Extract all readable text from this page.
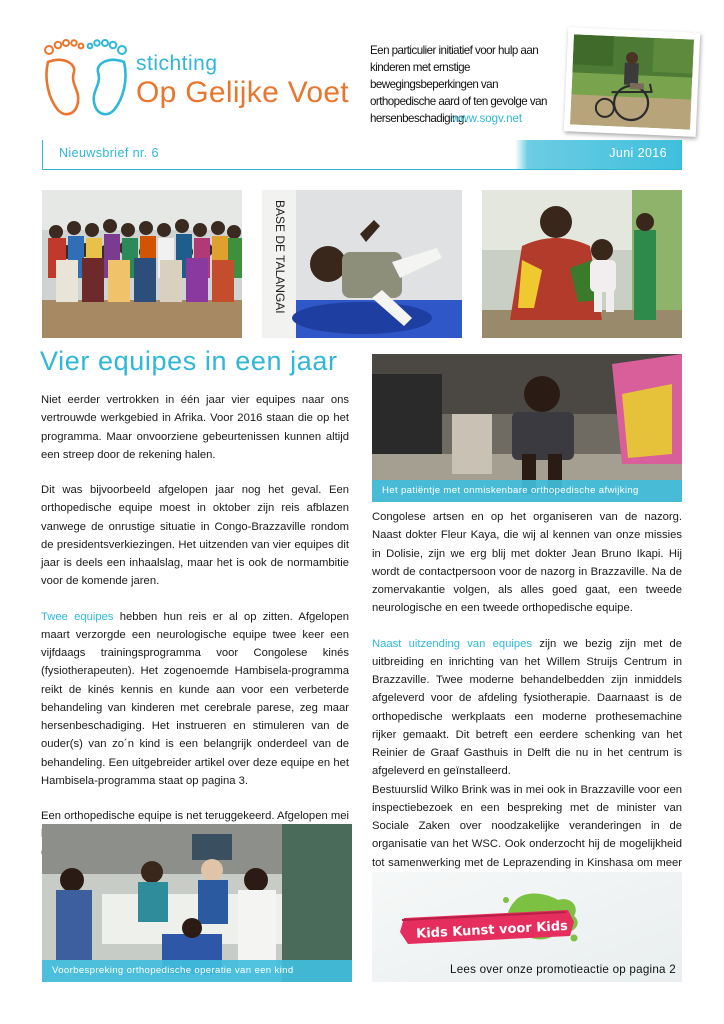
stichting
Op Gelijke Voet
Een particulier initiatief voor hulp aan kinderen met ernstige bewegingsbeperkingen van orthopedische aard of ten gevolge van hersenbeschadiging.
www.sogv.net
Nieuwsbrief nr. 6	Juni 2016
BASE DE TALANGAI
Vier equipes in een jaar

Niet eerder vertrokken in één jaar vier equipes naar ons vertrouwde werkgebied in Afrika. Voor 2016 staan die op het programma. Maar onvoorziene gebeurtenissen kunnen altijd een streep door de rekening halen.

Dit was bijvoorbeeld afgelopen jaar nog het geval. Een orthopedische equipe moest in oktober zijn reis afblazen vanwege de onrustige situatie in Congo-Brazzaville rondom de presidentsverkiezingen. Het uitzenden van vier equipes dit jaar is deels een inhaalslag, maar het is ook de normambitie voor de komende jaren.

Twee equipes hebben hun reis er al op zitten. Afgelopen maart verzorgde een neurologische equipe twee keer een vijfdaags trainingsprogramma voor Congolese kinés (fysiotherapeuten). Het zogenoemde Hambisela-programma reikt de kinés kennis en kunde aan voor een verbeterde behandeling van kinderen met cerebrale parese, zeg maar hersenbeschadiging. Het instrueren en stimuleren van de ouder(s) van zo´n kind is een belangrijk onderdeel van de behandeling. Een uitgebreider artikel over deze equipe en het Hambisela-programma staat op pagina 3.

Een orthopedische equipe is net teruggekeerd. Afgelopen mei

Het patiëntje met onmiskenbare orthopedische afwijking

Congolese artsen en op het organiseren van de nazorg. Naast dokter Fleur Kaya, die wij al kennen van onze missies in Dolisie, zijn we erg blij met dokter Jean Bruno Ikapi. Hij wordt de contactpersoon voor de nazorg in Brazzaville. Na de zomervakantie volgen, als alles goed gaat, een tweede neurologische en een tweede orthopedische equipe.

Naast uitzending van equipes zijn we bezig zijn met de uitbreiding en inrichting van het Willem Struijs Centrum in Brazzaville. Twee moderne behandelbedden zijn inmiddels afgeleverd voor de afdeling fysiotherapie. Daarnaast is de orthopedische werkplaats een moderne prothesemachine rijker gemaakt. Dit betreft een eerdere schenking van het Reinier de Graaf Gasthuis in Delft die nu in het centrum is afgeleverd en geïnstalleerd.

Bestuurslid Wilko Brink was in mei ook in Brazzaville voor een inspectiebezoek en een bespreking met de minister van Sociale Zaken over noodzakelijke veranderingen in de organisatie van het WSC. Ook onderzocht hij de mogelijkheid tot samenwerking met de Leprazending in Kinshasa om meer

Voorbespreking orthopedische operatie van een kind
Kids Kunst voor Kids
Lees over onze promotieactie op pagina 2
